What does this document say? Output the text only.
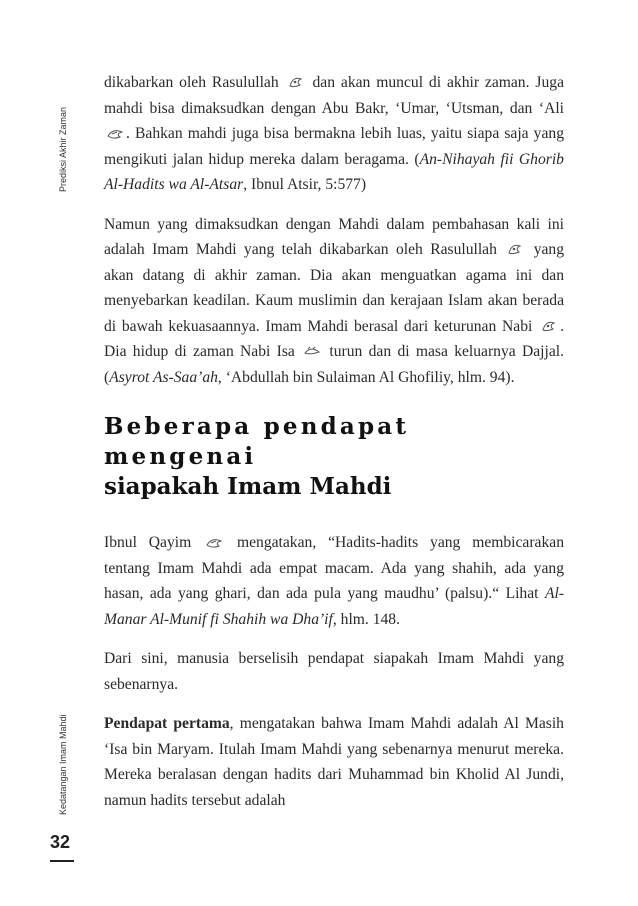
Prediksi Akhir Zaman
Kedatangan Imam Mahdi
32

dikabarkan oleh Rasulullah dan akan muncul di akhir zaman. Juga mahdi bisa dimaksudkan dengan Abu Bakr, ‘Umar, ‘Utsman, dan ‘Ali . Bahkan mahdi juga bisa bermakna lebih luas, yaitu siapa saja yang mengikuti jalan hidup mereka dalam beragama. (An-Nihayah fii Ghorib Al-Hadits wa Al-Atsar, Ibnul Atsir, 5:577)

Namun yang dimaksudkan dengan Mahdi dalam pembahasan kali ini adalah Imam Mahdi yang telah dikabarkan oleh Rasulullah yang akan datang di akhir zaman. Dia akan menguatkan agama ini dan menyebarkan keadilan. Kaum muslimin dan kerajaan Islam akan berada di bawah kekuasaannya. Imam Mahdi berasal dari keturunan Nabi . Dia hidup di zaman Nabi Isa turun dan di masa keluarnya Dajjal. (Asyrot As-Saa’ah, ‘Abdullah bin Sulaiman Al Ghofiliy, hlm. 94).

Beberapa pendapat mengenai
siapakah Imam Mahdi

Ibnul Qayim	mengatakan, “Hadits-hadits yang membicarakan tentang Imam Mahdi ada empat macam. Ada yang shahih, ada yang hasan, ada yang ghari, dan ada pula yang maudhu’ (palsu).“ Lihat Al-Manar Al-Munif fi Shahih wa Dha’if, hlm. 148.

Dari sini, manusia berselisih pendapat siapakah Imam Mahdi yang sebenarnya.

Pendapat pertama, mengatakan bahwa Imam Mahdi adalah Al Masih ‘Isa bin Maryam. Itulah Imam Mahdi yang sebenarnya menurut mereka. Mereka beralasan dengan hadits dari Muhammad bin Kholid Al Jundi, namun hadits tersebut adalah
